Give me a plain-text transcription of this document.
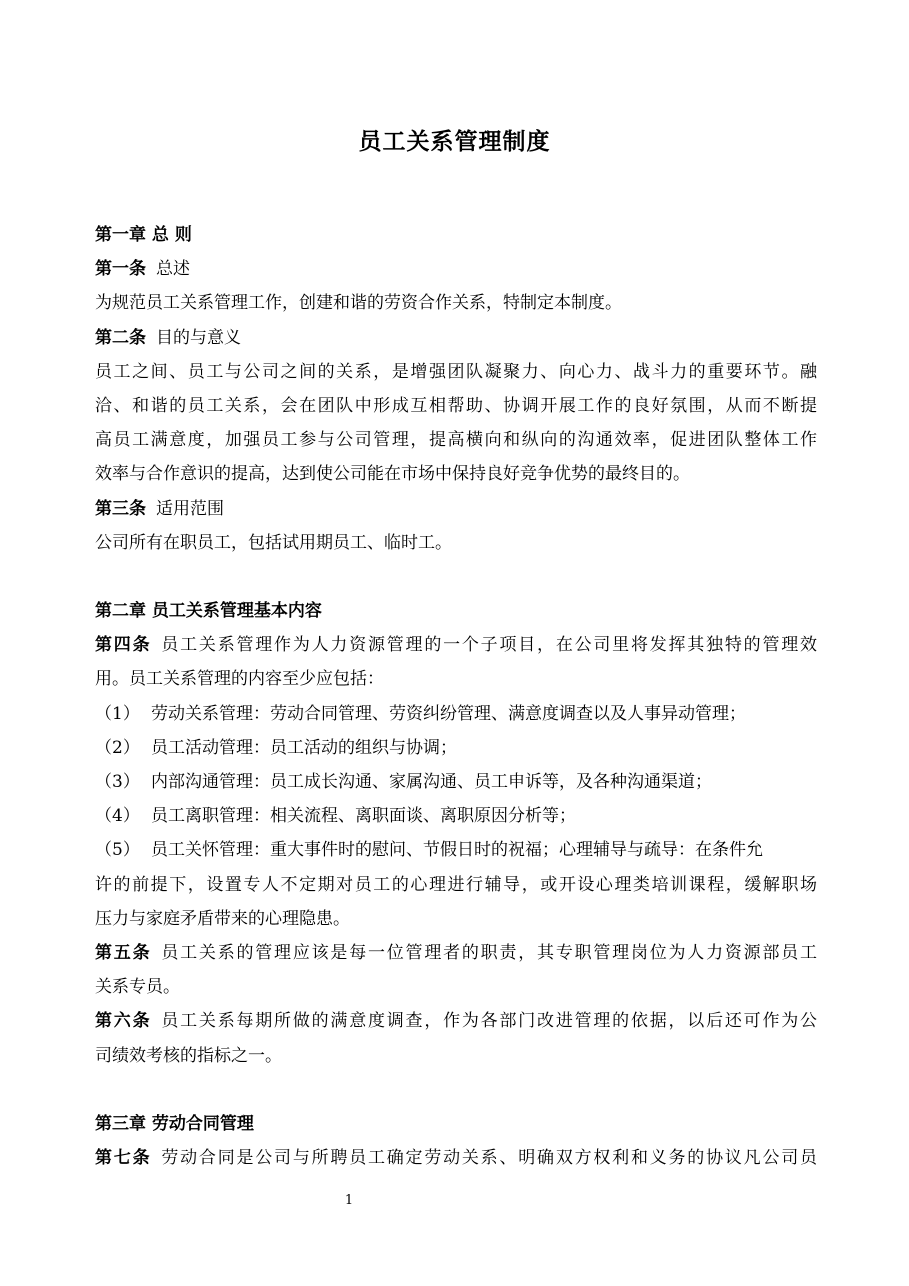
员工关系管理制度
第一章 总 则
第一条 总述
为规范员工关系管理工作，创建和谐的劳资合作关系，特制定本制度。
第二条 目的与意义
员工之间、员工与公司之间的关系，是增强团队凝聚力、向心力、战斗力的重要环节。融
洽、和谐的员工关系，会在团队中形成互相帮助、协调开展工作的良好氛围，从而不断提
高员工满意度，加强员工参与公司管理，提高横向和纵向的沟通效率，促进团队整体工作
效率与合作意识的提高，达到使公司能在市场中保持良好竞争优势的最终目的。
第三条 适用范围
公司所有在职员工，包括试用期员工、临时工。
第二章 员工关系管理基本内容
第四条 员工关系管理作为人力资源管理的一个子项目，在公司里将发挥其独特的管理效
用。员工关系管理的内容至少应包括：
（1） 劳动关系管理：劳动合同管理、劳资纠纷管理、满意度调查以及人事异动管理；
（2） 员工活动管理：员工活动的组织与协调；
（3） 内部沟通管理：员工成长沟通、家属沟通、员工申诉等，及各种沟通渠道；
（4） 员工离职管理：相关流程、离职面谈、离职原因分析等；
（5） 员工关怀管理：重大事件时的慰问、节假日时的祝福；心理辅导与疏导：在条件允
许的前提下，设置专人不定期对员工的心理进行辅导，或开设心理类培训课程，缓解职场
压力与家庭矛盾带来的心理隐患。
第五条 员工关系的管理应该是每一位管理者的职责，其专职管理岗位为人力资源部员工
关系专员。
第六条 员工关系每期所做的满意度调查，作为各部门改进管理的依据，以后还可作为公
司绩效考核的指标之一。
第三章 劳动合同管理
第七条 劳动合同是公司与所聘员工确定劳动关系、明确双方权利和义务的协议凡公司员
1
